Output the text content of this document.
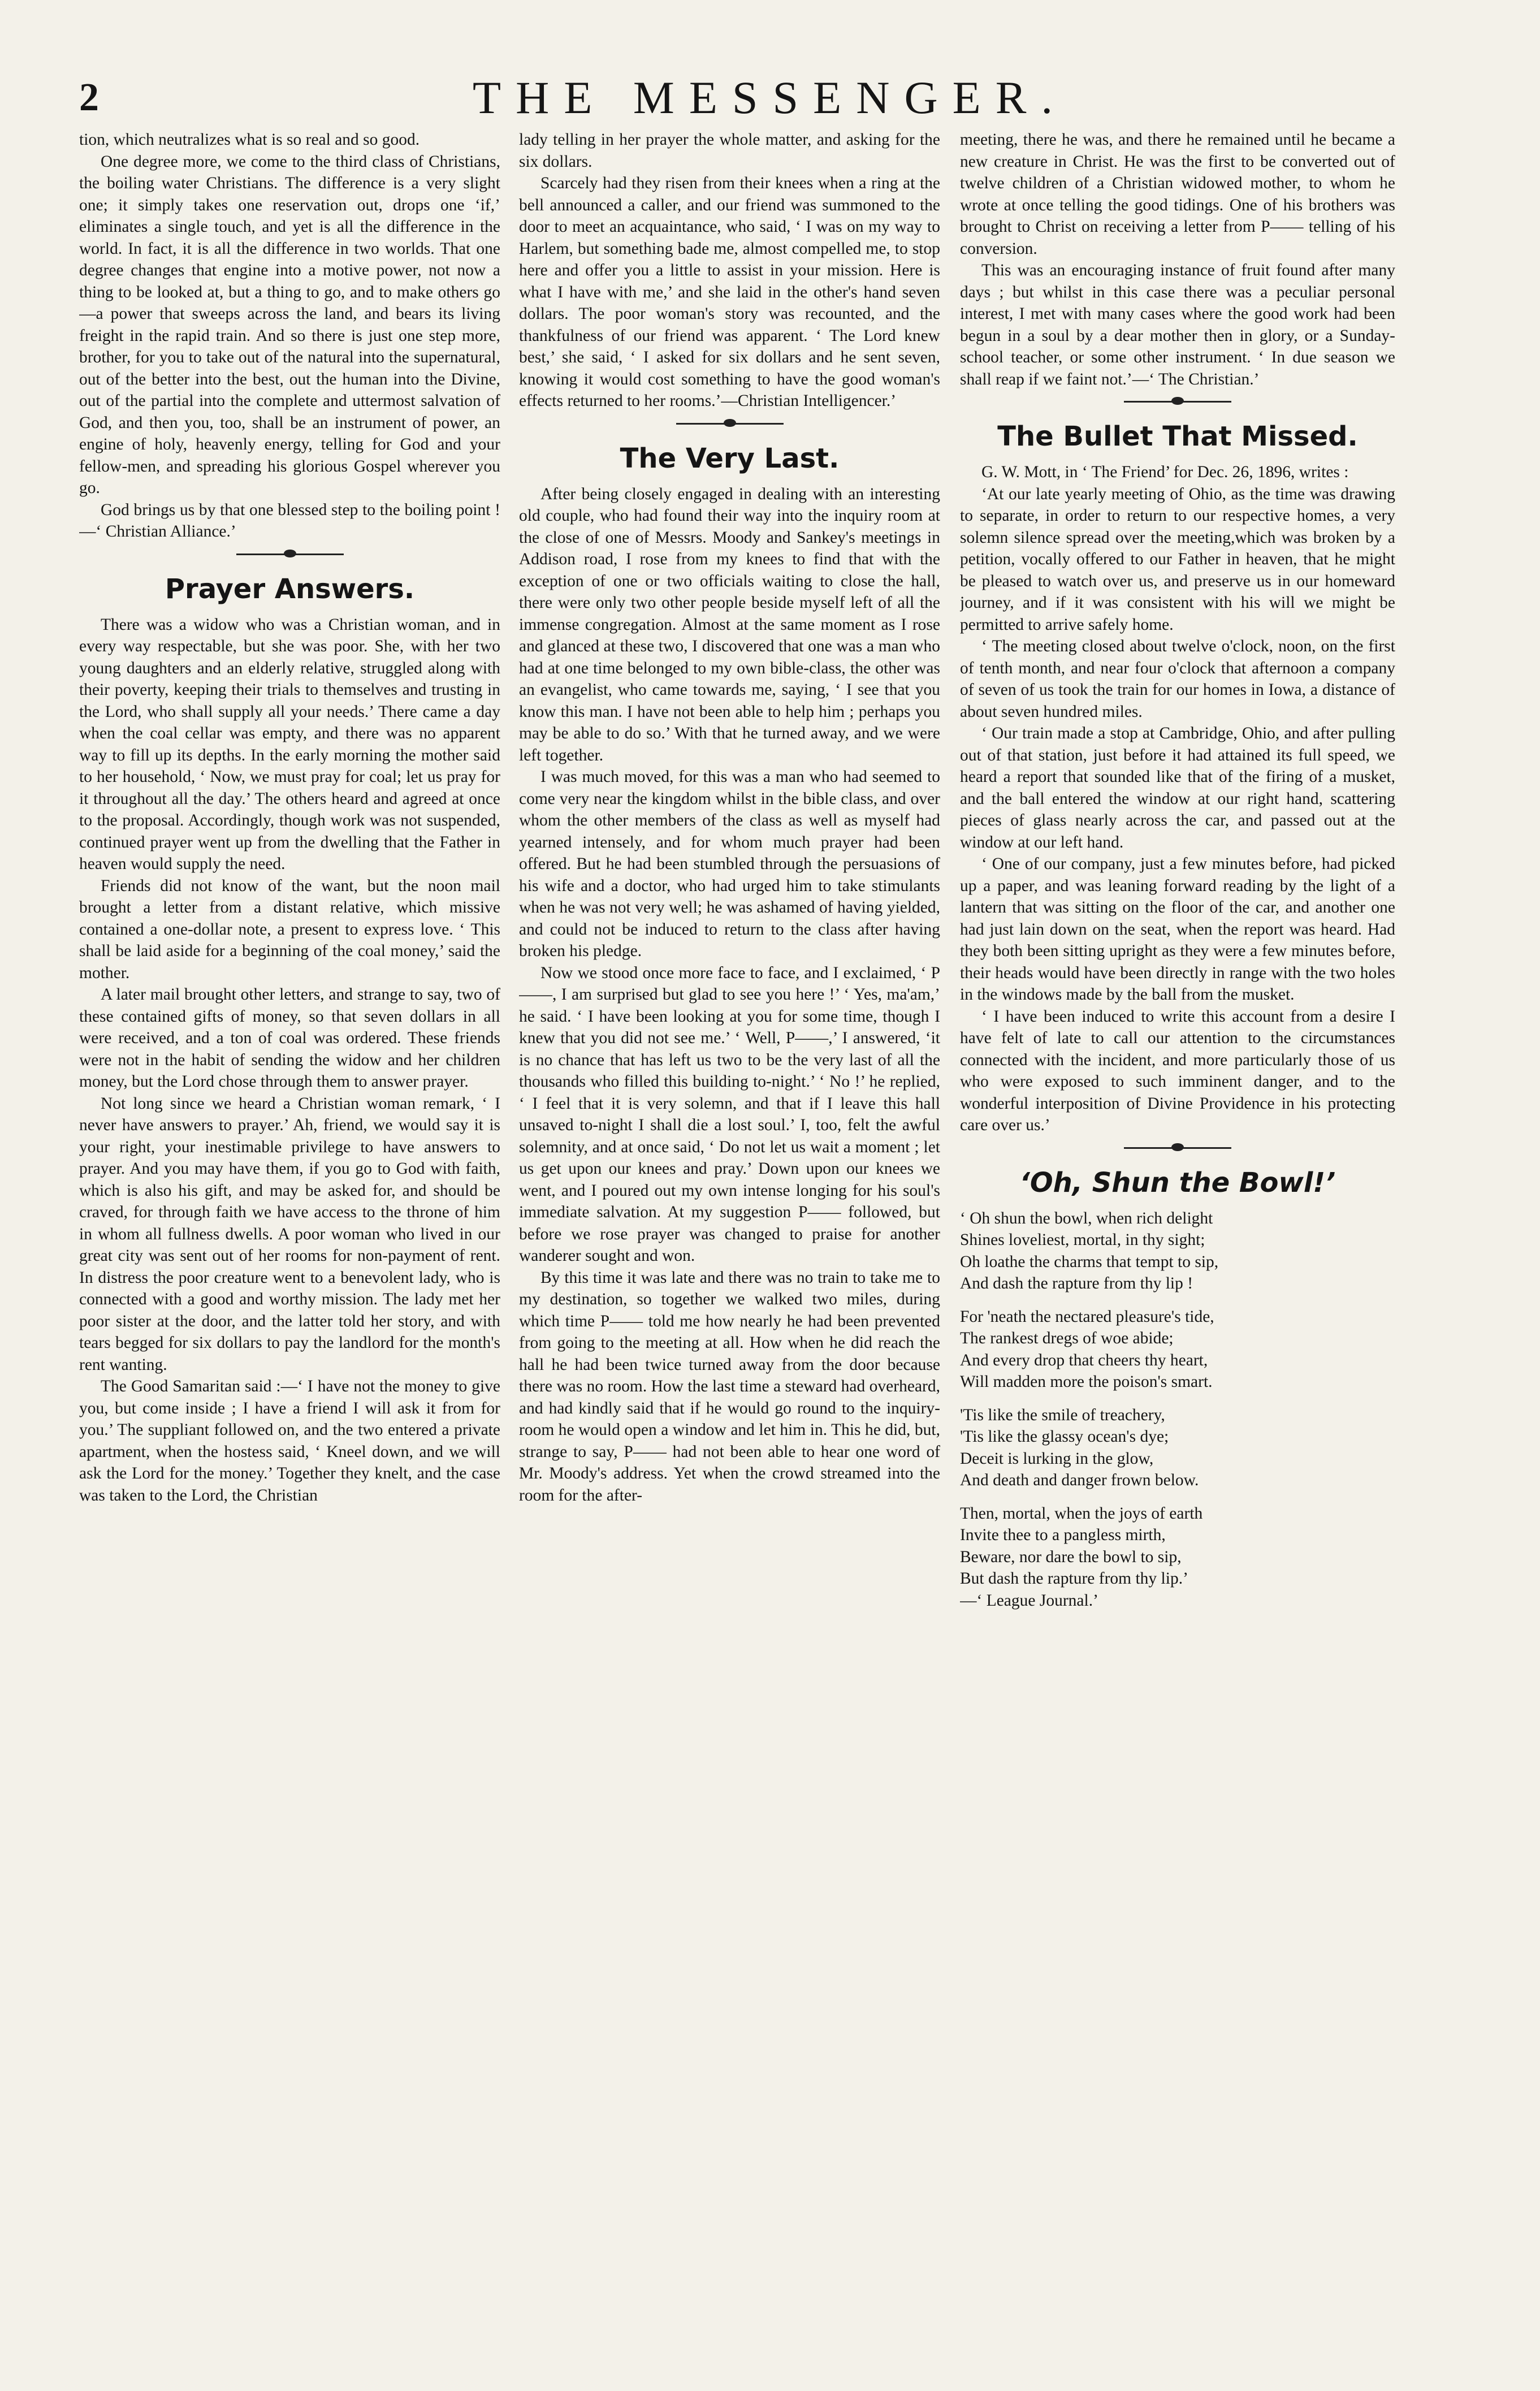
2	THE MESSENGER.

tion, which neutralizes what is so real and so good.

One degree more, we come to the third class of Christians, the boiling water Christians. The difference is a very slight one; it simply takes one reservation out, drops one ‘if,’ eliminates a single touch, and yet is all the difference in the world. In fact, it is all the difference in two worlds. That one degree changes that engine into a motive power, not now a thing to be looked at, but a thing to go, and to make others go—a power that sweeps across the land, and bears its living freight in the rapid train. And so there is just one step more, brother, for you to take out of the natural into the supernatural, out of the better into the best, out the human into the Divine, out of the partial into the complete and uttermost salvation of God, and then you, too, shall be an instrument of power, an engine of holy, heavenly energy, telling for God and your fellow-men, and spreading his glorious Gospel wherever you go.

God brings us by that one blessed step to the boiling point !—‘ Christian Alliance.’

Prayer Answers.

There was a widow who was a Christian woman, and in every way respectable, but she was poor. She, with her two young daughters and an elderly relative, struggled along with their poverty, keeping their trials to themselves and trusting in the Lord, who shall supply all your needs.’ There came a day when the coal cellar was empty, and there was no apparent way to fill up its depths. In the early morning the mother said to her household, ‘ Now, we must pray for coal; let us pray for it throughout all the day.’ The others heard and agreed at once to the proposal. Accordingly, though work was not suspended, continued prayer went up from the dwelling that the Father in heaven would supply the need.

Friends did not know of the want, but the noon mail brought a letter from a distant relative, which missive contained a one-dollar note, a present to express love. ‘ This shall be laid aside for a beginning of the coal money,’ said the mother.

A later mail brought other letters, and strange to say, two of these contained gifts of money, so that seven dollars in all were received, and a ton of coal was ordered. These friends were not in the habit of sending the widow and her children money, but the Lord chose through them to answer prayer.

Not long since we heard a Christian woman remark, ‘ I never have answers to prayer.’ Ah, friend, we would say it is your right, your inestimable privilege to have answers to prayer. And you may have them, if you go to God with faith, which is also his gift, and may be asked for, and should be craved, for through faith we have access to the throne of him in whom all fullness dwells. A poor woman who lived in our great city was sent out of her rooms for non-payment of rent. In distress the poor creature went to a benevolent lady, who is connected with a good and worthy mission. The lady met her poor sister at the door, and the latter told her story, and with tears begged for six dollars to pay the landlord for the month's rent wanting.

The Good Samaritan said :—‘ I have not the money to give you, but come inside ; I have a friend I will ask it from for you.’ The suppliant followed on, and the two entered a private apartment, when the hostess said, ‘ Kneel down, and we will ask the Lord for the money.’ Together they knelt, and the case was taken to the Lord, the Christian

lady telling in her prayer the whole matter, and asking for the six dollars.

Scarcely had they risen from their knees when a ring at the bell announced a caller, and our friend was summoned to the door to meet an acquaintance, who said, ‘ I was on my way to Harlem, but something bade me, almost compelled me, to stop here and offer you a little to assist in your mission. Here is what I have with me,’ and she laid in the other's hand seven dollars. The poor woman's story was recounted, and the thankfulness of our friend was apparent. ‘ The Lord knew best,’ she said, ‘ I asked for six dollars and he sent seven, knowing it would cost something to have the good woman's effects returned to her rooms.’—Christian Intelligencer.’

The Very Last.

After being closely engaged in dealing with an interesting old couple, who had found their way into the inquiry room at the close of one of Messrs. Moody and Sankey's meetings in Addison road, I rose from my knees to find that with the exception of one or two officials waiting to close the hall, there were only two other people beside myself left of all the immense congregation. Almost at the same moment as I rose and glanced at these two, I discovered that one was a man who had at one time belonged to my own bible-class, the other was an evangelist, who came towards me, saying, ‘ I see that you know this man. I have not been able to help him ; perhaps you may be able to do so.’ With that he turned away, and we were left together.

I was much moved, for this was a man who had seemed to come very near the kingdom whilst in the bible class, and over whom the other members of the class as well as myself had yearned intensely, and for whom much prayer had been offered. But he had been stumbled through the persuasions of his wife and a doctor, who had urged him to take stimulants when he was not very well; he was ashamed of having yielded, and could not be induced to return to the class after having broken his pledge.

Now we stood once more face to face, and I exclaimed, ‘ P——, I am surprised but glad to see you here !’ ‘ Yes, ma'am,’ he said. ‘ I have been looking at you for some time, though I knew that you did not see me.’ ‘ Well, P——,’ I answered, ‘it is no chance that has left us two to be the very last of all the thousands who filled this building to-night.’ ‘ No !’ he replied, ‘ I feel that it is very solemn, and that if I leave this hall unsaved to-night I shall die a lost soul.’ I, too, felt the awful solemnity, and at once said, ‘ Do not let us wait a moment ; let us get upon our knees and pray.’ Down upon our knees we went, and I poured out my own intense longing for his soul's immediate salvation. At my suggestion P—— followed, but before we rose prayer was changed to praise for another wanderer sought and won.

By this time it was late and there was no train to take me to my destination, so together we walked two miles, during which time P—— told me how nearly he had been prevented from going to the meeting at all. How when he did reach the hall he had been twice turned away from the door because there was no room. How the last time a steward had overheard, and had kindly said that if he would go round to the inquiry-room he would open a window and let him in. This he did, but, strange to say, P—— had not been able to hear one word of Mr. Moody's address. Yet when the crowd streamed into the room for the after-

meeting, there he was, and there he remained until he became a new creature in Christ. He was the first to be converted out of twelve children of a Christian widowed mother, to whom he wrote at once telling the good tidings. One of his brothers was brought to Christ on receiving a letter from P—— telling of his conversion.

This was an encouraging instance of fruit found after many days ; but whilst in this case there was a peculiar personal interest, I met with many cases where the good work had been begun in a soul by a dear mother then in glory, or a Sunday-school teacher, or some other instrument. ‘ In due season we shall reap if we faint not.’—‘ The Christian.’

The Bullet That Missed.

G. W. Mott, in ‘ The Friend’ for Dec. 26, 1896, writes :

‘At our late yearly meeting of Ohio, as the time was drawing to separate, in order to return to our respective homes, a very solemn silence spread over the meeting,which was broken by a petition, vocally offered to our Father in heaven, that he might be pleased to watch over us, and preserve us in our homeward journey, and if it was consistent with his will we might be permitted to arrive safely home.

‘ The meeting closed about twelve o'clock, noon, on the first of tenth month, and near four o'clock that afternoon a company of seven of us took the train for our homes in Iowa, a distance of about seven hundred miles.

‘ Our train made a stop at Cambridge, Ohio, and after pulling out of that station, just before it had attained its full speed, we heard a report that sounded like that of the firing of a musket, and the ball entered the window at our right hand, scattering pieces of glass nearly across the car, and passed out at the window at our left hand.

‘ One of our company, just a few minutes before, had picked up a paper, and was leaning forward reading by the light of a lantern that was sitting on the floor of the car, and another one had just lain down on the seat, when the report was heard. Had they both been sitting upright as they were a few minutes before, their heads would have been directly in range with the two holes in the windows made by the ball from the musket.

‘ I have been induced to write this account from a desire I have felt of late to call our attention to the circumstances connected with the incident, and more particularly those of us who were exposed to such imminent danger, and to the wonderful interposition of Divine Providence in his protecting care over us.’

‘Oh, Shun the Bowl!’
‘ Oh shun the bowl, when rich delight
Shines loveliest, mortal, in thy sight;
Oh loathe the charms that tempt to sip,
And dash the rapture from thy lip !
For 'neath the nectared pleasure's tide,
The rankest dregs of woe abide;
And every drop that cheers thy heart,
Will madden more the poison's smart.
'Tis like the smile of treachery,
'Tis like the glassy ocean's dye;
Deceit is lurking in the glow,
And death and danger frown below.
Then, mortal, when the joys of earth
Invite thee to a pangless mirth,
Beware, nor dare the bowl to sip,
But dash the rapture from thy lip.’
—‘ League Journal.’
